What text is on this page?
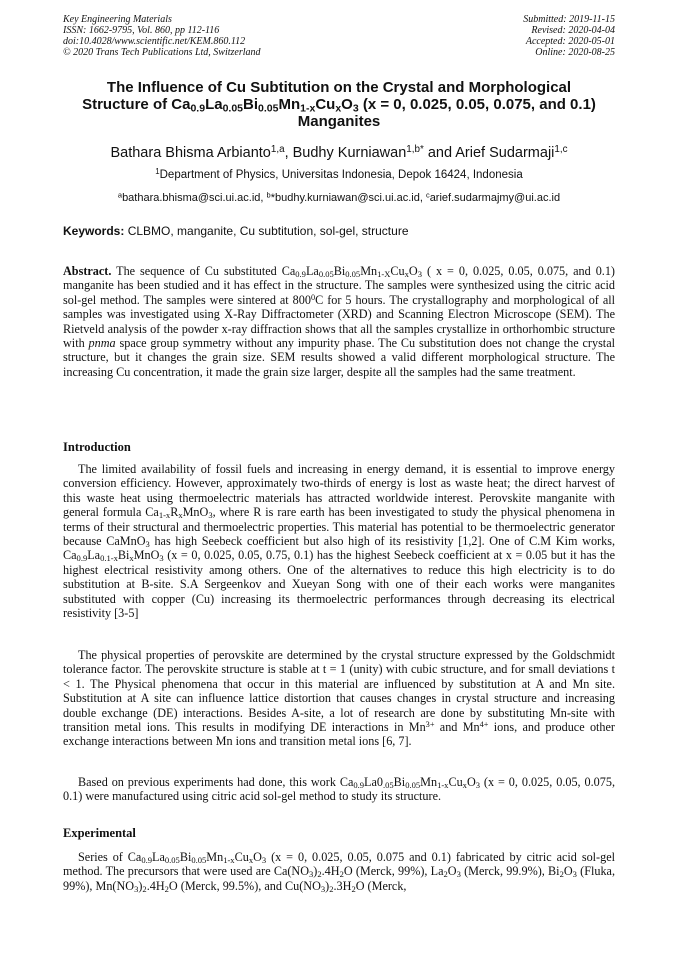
Key Engineering Materials
ISSN: 1662-9795, Vol. 860, pp 112-116
doi:10.4028/www.scientific.net/KEM.860.112
© 2020 Trans Tech Publications Ltd, Switzerland
Submitted: 2019-11-15
Revised: 2020-04-04
Accepted: 2020-05-01
Online: 2020-08-25
The Influence of Cu Subtitution on the Crystal and Morphological
Structure of $Ca_{0.9}La_{0.05}Bi_{0.05}Mn_{1-x}Cu_xO_3$ (x = 0, 0.025, 0.05, 0.075, and 0.1)
Manganites
Bathara Bhisma Arbianto$^{1,a}$, Budhy Kurniawan$^{1,b*}$ and Arief Sudarmaji$^{1,c}$
$^1$Department of Physics, Universitas Indonesia, Depok 16424, Indonesia
$^a$bathara.bhisma@sci.ui.ac.id, $^b$*budhy.kurniawan@sci.ui.ac.id, $^c$arief.sudarmajmy@ui.ac.id
Keywords: CLBMO, manganite, Cu subtitution, sol-gel, structure
Abstract. The sequence of Cu substituted $Ca_{0.9}La_{0.05}Bi_{0.05}Mn_{1-X}Cu_xO_3$ ( x = 0, 0.025, 0.05, 0.075, and 0.1) manganite has been studied and it has effect in the structure. The samples were synthesized using the citric acid sol-gel method. The samples were sintered at $800^0C$ for 5 hours. The crystallography and morphological of all samples was investigated using X-Ray Diffractometer (XRD) and Scanning Electron Microscope (SEM). The Rietveld analysis of the powder x-ray diffraction shows that all the samples crystallize in orthorhombic structure with pnma space group symmetry without any impurity phase. The Cu substitution does not change the crystal structure, but it changes the grain size. SEM results showed a valid different morphological structure. The increasing Cu concentration, it made the grain size larger, despite all the samples had the same treatment.
Introduction
The limited availability of fossil fuels and increasing in energy demand, it is essential to improve energy conversion efficiency. However, approximately two-thirds of energy is lost as waste heat; the direct harvest of this waste heat using thermoelectric materials has attracted worldwide interest. Perovskite manganite with general formula $Ca_{1-x}R_xMnO_3$, where R is rare earth has been investigated to study the physical phenomena in terms of their structural and thermoelectric properties. This material has potential to be thermoelectric generator because CaMnO$_3$ has high Seebeck coefficient but also high of its resistivity [1,2]. One of C.M Kim works, $Ca_{0.9}La_{0.1-x}Bi_xMnO_3$ (x = 0, 0.025, 0.05, 0.75, 0.1) has the highest Seebeck coefficient at x = 0.05 but it has the highest electrical resistivity among others. One of the alternatives to reduce this high electricity is to do substitution at B-site. S.A Sergeenkov and Xueyan Song with one of their each works were manganites substituted with copper (Cu) increasing its thermoelectric performances through decreasing its electrical resistivity [3-5]
The physical properties of perovskite are determined by the crystal structure expressed by the Goldschmidt tolerance factor. The perovskite structure is stable at t = 1 (unity) with cubic structure, and for small deviations t < 1. The Physical phenomena that occur in this material are influenced by substitution at A and Mn site. Substitution at A site can influence lattice distortion that causes changes in crystal structure and increasing double exchange (DE) interactions. Besides A-site, a lot of research are done by substituting Mn-site with transition metal ions. This results in modifying DE interactions in $Mn^{3+}$ and $Mn^{4+}$ ions, and produce other exchange interactions between Mn ions and transition metal ions [6, 7].
Based on previous experiments had done, this work $Ca_{0.9}La0_{.05}Bi_{0.05}Mn_{1-x}Cu_xO_3$ (x = 0, 0.025, 0.05, 0.075, 0.1) were manufactured using citric acid sol-gel method to study its structure.
Experimental
Series of $Ca_{0.9}La_{0.05}Bi_{0.05}Mn_{1-x}Cu_xO_3$ (x = 0, 0.025, 0.05, 0.075 and 0.1) fabricated by citric acid sol-gel method. The precursors that were used are $Ca(NO_3)_2.4H_2O$ (Merck, 99%), $La_2O_3$ (Merck, 99.9%), $Bi_2O_3$ (Fluka, 99%), $Mn(NO_3)_2.4H_2O$ (Merck, 99.5%), and $Cu(NO_3)_2.3H_2O$ (Merck,
